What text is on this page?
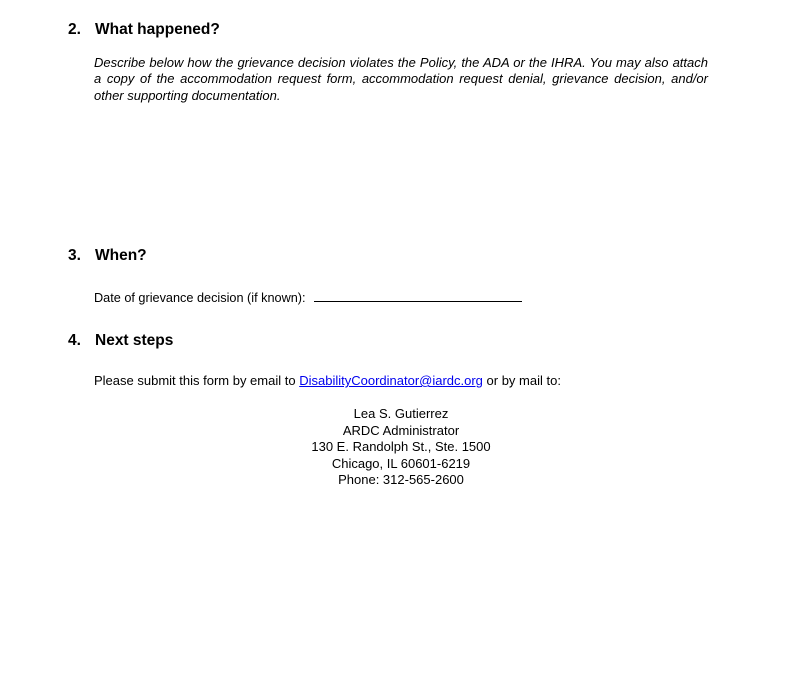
2. What happened?
Describe below how the grievance decision violates the Policy, the ADA or the IHRA. You may also attach a copy of the accommodation request form, accommodation request denial, grievance decision, and/or other supporting documentation.
3. When?
Date of grievance decision (if known):
4. Next steps
Please submit this form by email to DisabilityCoordinator@iardc.org or by mail to:
Lea S. Gutierrez
ARDC Administrator
130 E. Randolph St., Ste. 1500
Chicago, IL 60601-6219
Phone: 312-565-2600
